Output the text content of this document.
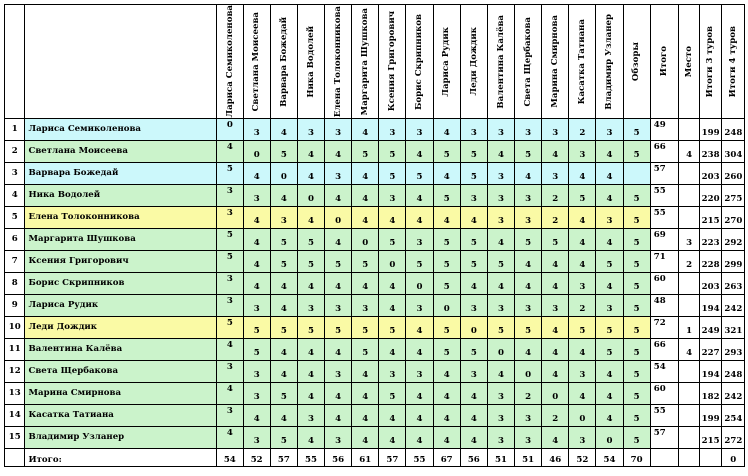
		Лариса Семиколенова	Светлана Моисеева	Варвара Божедай	Ника Водолей	Елена Толоконникова	Маргарита Шушкова	Ксения Григорович	Борис Скрипников	Лариса Рудик	Леди Дождик	Валентина Калёва	Света Щербакова	Марина Смирнова	Касатка Татиана	Владимир Узланер	Обзоры	Итого	Место	Итоги 3 туров	Итоги 4 туров

1	Лариса Семиколенова	0	3	4	3	3	4	3	3	4	3	3	3	3	2	3	5	49		199	248
2	Светлана Моисеева	4	0	5	4	4	5	5	4	5	5	4	5	4	3	4	5	66	4	238	304
3	Варвара Божедай	5	4	0	4	3	4	5	5	4	5	3	4	3	4	4		57		203	260
4	Ника Водолей	3	3	4	0	4	4	3	4	5	3	3	3	2	5	4	5	55		220	275
5	Елена Толоконникова	3	4	3	4	0	4	4	4	4	4	3	3	2	4	3	5	55		215	270
6	Маргарита Шушкова	5	4	5	5	4	0	5	3	5	5	4	5	5	4	4	5	69	3	223	292
7	Ксения Григорович	5	4	5	5	5	5	0	5	5	5	5	4	4	4	5	5	71	2	228	299
8	Борис Скрипников	3	4	4	4	4	4	4	0	5	4	4	4	4	3	4	5	60		203	263
9	Лариса Рудик	3	3	4	3	3	3	4	3	0	3	3	3	3	2	3	5	48		194	242
10	Леди Дождик	5	5	5	5	5	5	5	4	5	0	5	5	4	5	5	5	72	1	249	321
11	Валентина Калёва	4	5	4	4	4	5	4	4	5	5	0	4	4	4	5	5	66	4	227	293
12	Света Щербакова	3	3	4	4	3	4	3	3	4	3	4	0	4	3	4	5	54		194	248
13	Марина Смирнова	4	3	5	4	4	4	5	4	4	4	3	2	0	4	4	5	60		182	242
14	Касатка Татиана	3	4	4	3	4	4	4	4	4	4	3	3	2	0	4	5	55		199	254
15	Владимир Узланер	4	3	5	4	3	4	4	4	4	4	3	3	4	3	0	5	57		215	272
	Итого:	54	52	57	55	56	61	57	55	67	56	51	51	46	52	54	70				0
